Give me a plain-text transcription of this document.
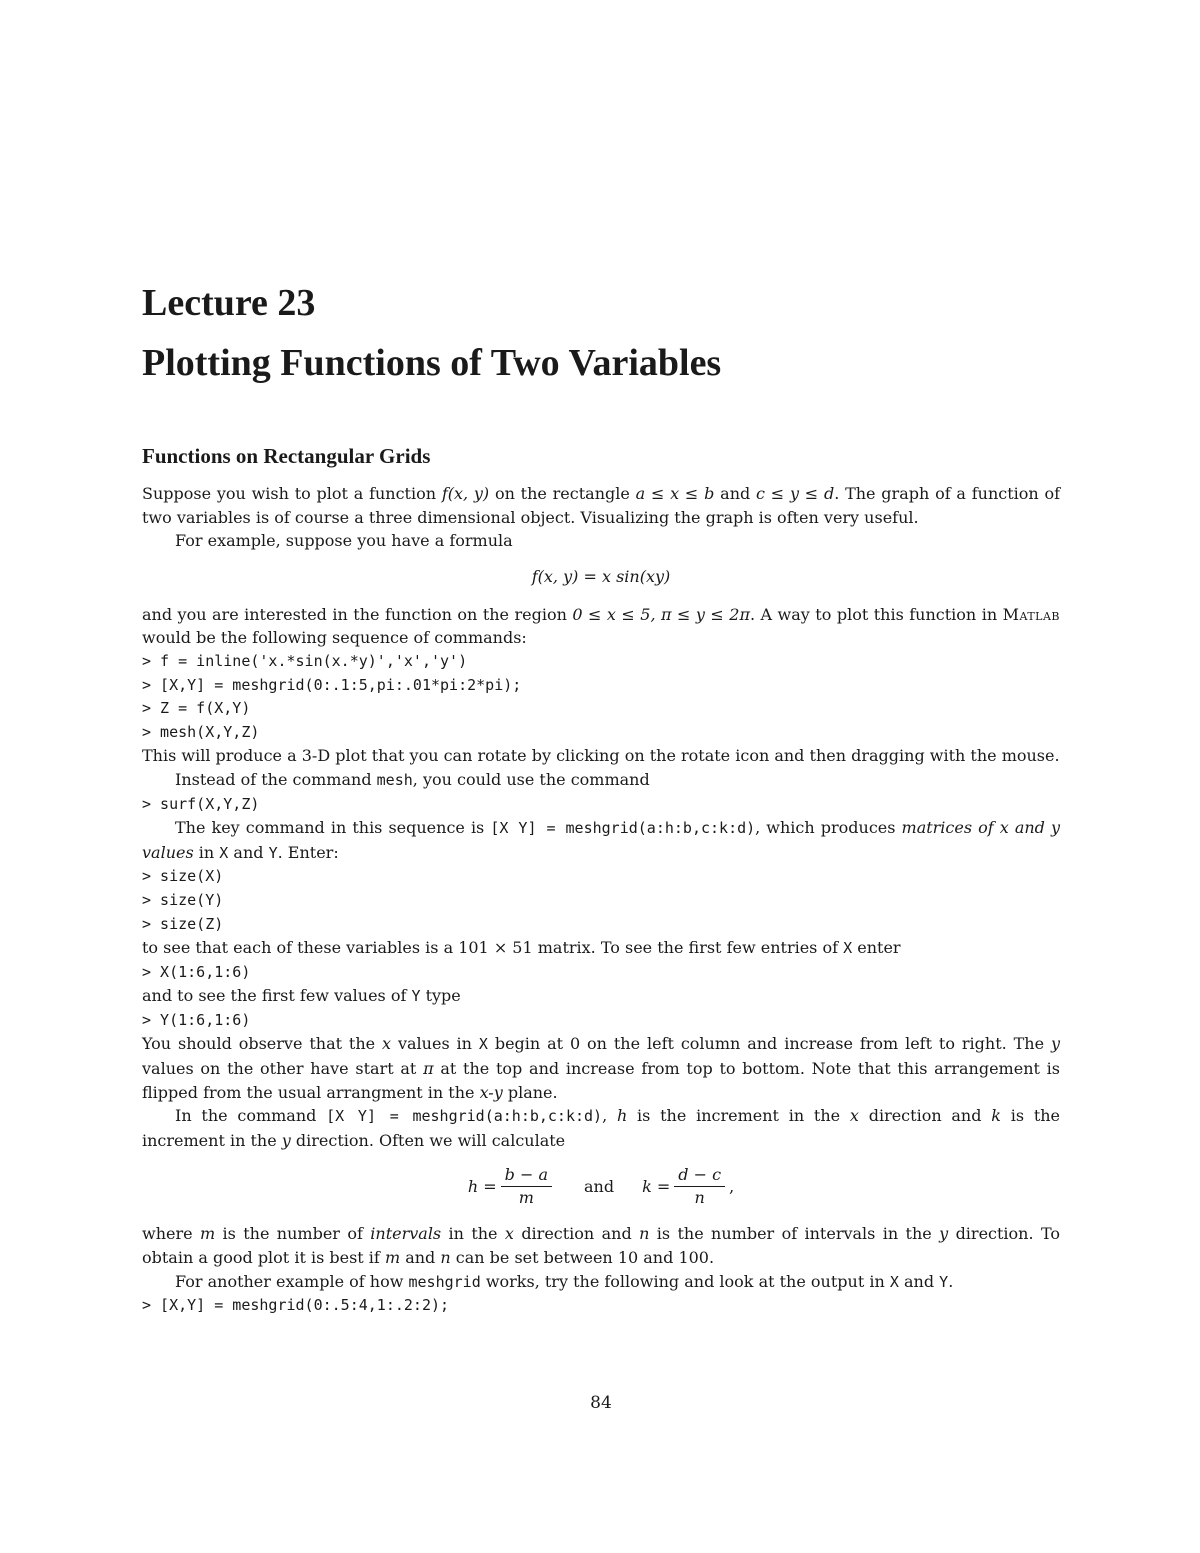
Lecture 23
Plotting Functions of Two Variables
Functions on Rectangular Grids

Suppose you wish to plot a function f(x, y) on the rectangle a ≤ x ≤ b and c ≤ y ≤ d. The graph of a function of two variables is of course a three dimensional object. Visualizing the graph is often very useful.

For example, suppose you have a formula

f(x, y) = x sin(xy)

and you are interested in the function on the region 0 ≤ x ≤ 5, π ≤ y ≤ 2π. A way to plot this function in Matlab would be the following sequence of commands:

> f = inline('x.*sin(x.*y)','x','y')
> [X,Y] = meshgrid(0:.1:5,pi:.01*pi:2*pi);
> Z = f(X,Y)
> mesh(X,Y,Z)

This will produce a 3-D plot that you can rotate by clicking on the rotate icon and then dragging with the mouse.

Instead of the command mesh, you could use the command

> surf(X,Y,Z)

The key command in this sequence is [X Y] = meshgrid(a:h:b,c:k:d), which produces matrices of x and y values in X and Y. Enter:

> size(X)
> size(Y)
> size(Z)

to see that each of these variables is a 101 × 51 matrix. To see the first few entries of X enter

> X(1:6,1:6)

and to see the first few values of Y type

> Y(1:6,1:6)

You should observe that the x values in X begin at 0 on the left column and increase from left to right. The y values on the other have start at π at the top and increase from top to bottom. Note that this arrangement is flipped from the usual arrangment in the x-y plane.

In the command [X Y] = meshgrid(a:h:b,c:k:d), h is the increment in the x direction and k is the increment in the y direction. Often we will calculate

$h = \frac{b - a}{m}$ and $k = \frac{d - c}{n}$ ,

where m is the number of intervals in the x direction and n is the number of intervals in the y direction. To obtain a good plot it is best if m and n can be set between 10 and 100.

For another example of how meshgrid works, try the following and look at the output in X and Y.

> [X,Y] = meshgrid(0:.5:4,1:.2:2);
84
